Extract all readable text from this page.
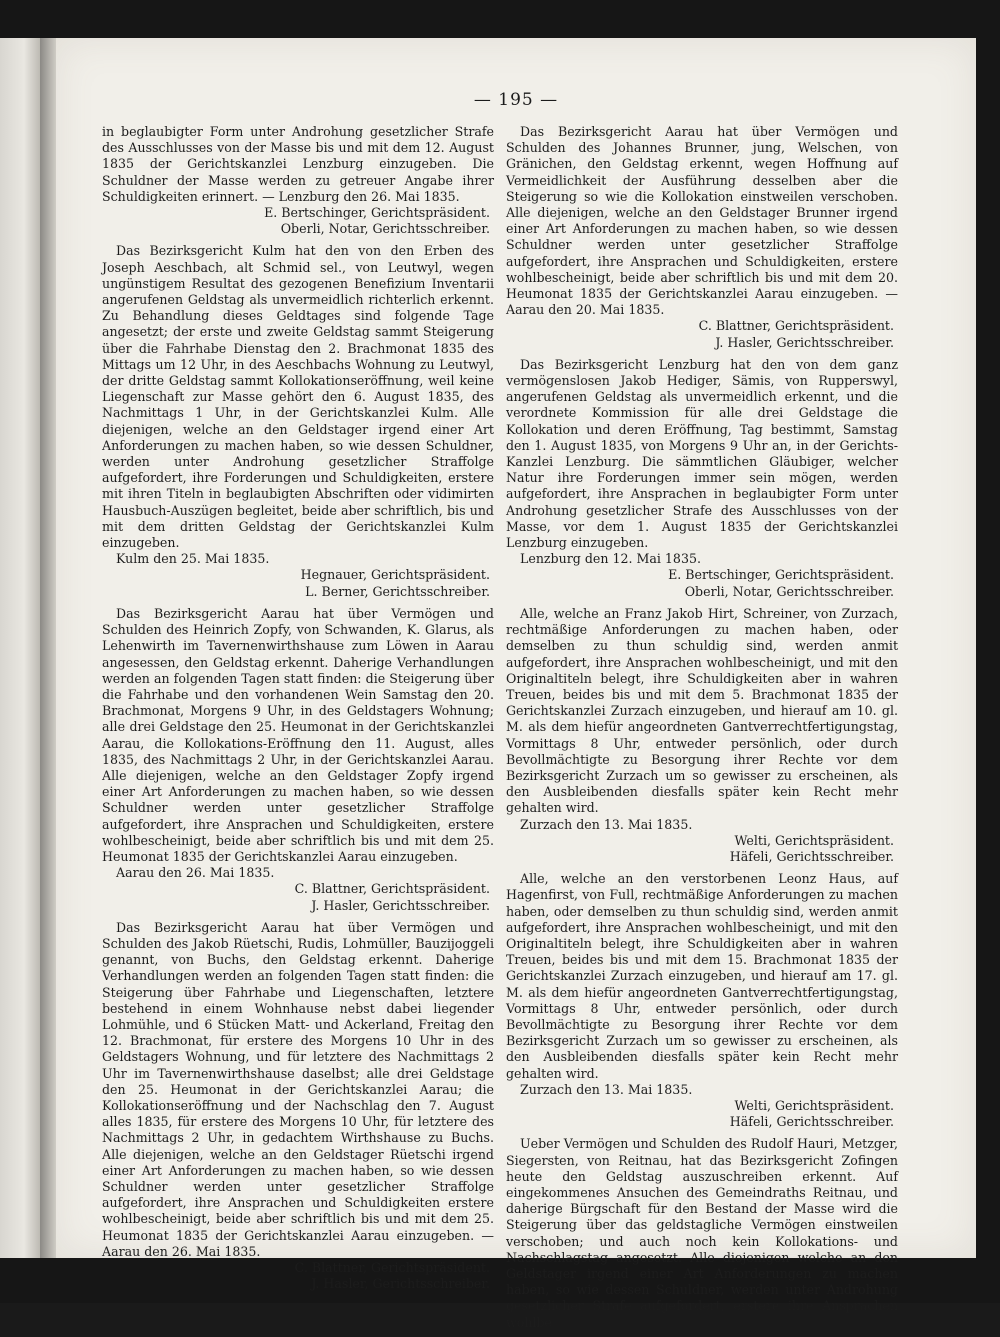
— 195 —

in beglaubigter Form unter Androhung gesetzlicher Strafe des Ausschlusses von der Masse bis und mit dem 12. August 1835 der Gerichtskanzlei Lenzburg einzugeben. Die Schuldner der Masse werden zu getreuer Angabe ihrer Schuldigkeiten erinnert. — Lenzburg den 26. Mai 1835.

E. Bertschinger, Gerichtspräsident.

Oberli, Notar, Gerichtsschreiber.

Das Bezirksgericht Kulm hat den von den Erben des Joseph Aeschbach, alt Schmid sel., von Leutwyl, wegen ungünstigem Resultat des gezogenen Benefizium Inventarii angerufenen Geldstag als unvermeidlich richterlich erkennt. Zu Behandlung dieses Geldtages sind folgende Tage angesetzt; der erste und zweite Geldstag sammt Steigerung über die Fahrhabe Dienstag den 2. Brachmonat 1835 des Mittags um 12 Uhr, in des Aeschbachs Wohnung zu Leutwyl, der dritte Geldstag sammt Kollokationseröffnung, weil keine Liegenschaft zur Masse gehört den 6. August 1835, des Nachmittags 1 Uhr, in der Gerichtskanzlei Kulm. Alle diejenigen, welche an den Geldstager irgend einer Art Anforderungen zu machen haben, so wie dessen Schuldner, werden unter Androhung gesetzlicher Straffolge aufgefordert, ihre Forderungen und Schuldigkeiten, erstere mit ihren Titeln in beglaubigten Abschriften oder vidimirten Hausbuch-Auszügen begleitet, beide aber schriftlich, bis und mit dem dritten Geldstag der Gerichtskanzlei Kulm einzugeben.

Kulm den 25. Mai 1835.

Hegnauer, Gerichtspräsident.

L. Berner, Gerichtsschreiber.

Das Bezirksgericht Aarau hat über Vermögen und Schulden des Heinrich Zopfy, von Schwanden, K. Glarus, als Lehenwirth im Tavernenwirthshause zum Löwen in Aarau angesessen, den Geldstag erkennt. Daherige Verhandlungen werden an folgenden Tagen statt finden: die Steigerung über die Fahrhabe und den vorhandenen Wein Samstag den 20. Brachmonat, Morgens 9 Uhr, in des Geldstagers Wohnung; alle drei Geldstage den 25. Heumonat in der Gerichtskanzlei Aarau, die Kollokations-Eröffnung den 11. August, alles 1835, des Nachmittags 2 Uhr, in der Gerichtskanzlei Aarau. Alle diejenigen, welche an den Geldstager Zopfy irgend einer Art Anforderungen zu machen haben, so wie dessen Schuldner werden unter gesetzlicher Straffolge aufgefordert, ihre Ansprachen und Schuldigkeiten, erstere wohlbescheinigt, beide aber schriftlich bis und mit dem 25. Heumonat 1835 der Gerichtskanzlei Aarau einzugeben.

Aarau den 26. Mai 1835.

C. Blattner, Gerichtspräsident.

J. Hasler, Gerichtsschreiber.

Das Bezirksgericht Aarau hat über Vermögen und Schulden des Jakob Rüetschi, Rudis, Lohmüller, Bauzijoggeli genannt, von Buchs, den Geldstag erkennt. Daherige Verhandlungen werden an folgenden Tagen statt finden: die Steigerung über Fahrhabe und Liegenschaften, letztere bestehend in einem Wohnhause nebst dabei liegender Lohmühle, und 6 Stücken Matt- und Ackerland, Freitag den 12. Brachmonat, für erstere des Morgens 10 Uhr in des Geldstagers Wohnung, und für letztere des Nachmittags 2 Uhr im Tavernenwirthshause daselbst; alle drei Geldstage den 25. Heumonat in der Gerichtskanzlei Aarau; die Kollokationseröffnung und der Nachschlag den 7. August alles 1835, für erstere des Morgens 10 Uhr, für letztere des Nachmittags 2 Uhr, in gedachtem Wirthshause zu Buchs. Alle diejenigen, welche an den Geldstager Rüetschi irgend einer Art Anforderungen zu machen haben, so wie dessen Schuldner werden unter gesetzlicher Straffolge aufgefordert, ihre Ansprachen und Schuldigkeiten erstere wohlbescheinigt, beide aber schriftlich bis und mit dem 25. Heumonat 1835 der Gerichtskanzlei Aarau einzugeben. — Aarau den 26. Mai 1835.

C. Blattner, Gerichtspräsident.

J. Hasler, Gerichtsschreiber.

Das Bezirksgericht Aarau hat über Vermögen und Schulden des Johannes Brunner, jung, Welschen, von Gränichen, den Geldstag erkennt, wegen Hoffnung auf Vermeidlichkeit der Ausführung desselben aber die Steigerung so wie die Kollokation einstweilen verschoben. Alle diejenigen, welche an den Geldstager Brunner irgend einer Art Anforderungen zu machen haben, so wie dessen Schuldner werden unter gesetzlicher Straffolge aufgefordert, ihre Ansprachen und Schuldigkeiten, erstere wohlbescheinigt, beide aber schriftlich bis und mit dem 20. Heumonat 1835 der Gerichtskanzlei Aarau einzugeben. — Aarau den 20. Mai 1835.

C. Blattner, Gerichtspräsident.

J. Hasler, Gerichtsschreiber.

Das Bezirksgericht Lenzburg hat den von dem ganz vermögenslosen Jakob Hediger, Sämis, von Rupperswyl, angerufenen Geldstag als unvermeidlich erkennt, und die verordnete Kommission für alle drei Geldstage die Kollokation und deren Eröffnung, Tag bestimmt, Samstag den 1. August 1835, von Morgens 9 Uhr an, in der Gerichts-Kanzlei Lenzburg. Die sämmtlichen Gläubiger, welcher Natur ihre Forderungen immer sein mögen, werden aufgefordert, ihre Ansprachen in beglaubigter Form unter Androhung gesetzlicher Strafe des Ausschlusses von der Masse, vor dem 1. August 1835 der Gerichtskanzlei Lenzburg einzugeben.

Lenzburg den 12. Mai 1835.

E. Bertschinger, Gerichtspräsident.

Oberli, Notar, Gerichtsschreiber.

Alle, welche an Franz Jakob Hirt, Schreiner, von Zurzach, rechtmäßige Anforderungen zu machen haben, oder demselben zu thun schuldig sind, werden anmit aufgefordert, ihre Ansprachen wohlbescheinigt, und mit den Originaltiteln belegt, ihre Schuldigkeiten aber in wahren Treuen, beides bis und mit dem 5. Brachmonat 1835 der Gerichtskanzlei Zurzach einzugeben, und hierauf am 10. gl. M. als dem hiefür angeordneten Gantverrechtfertigungstag, Vormittags 8 Uhr, entweder persönlich, oder durch Bevollmächtigte zu Besorgung ihrer Rechte vor dem Bezirksgericht Zurzach um so gewisser zu erscheinen, als den Ausbleibenden diesfalls später kein Recht mehr gehalten wird.

Zurzach den 13. Mai 1835.

Welti, Gerichtspräsident.

Häfeli, Gerichtsschreiber.

Alle, welche an den verstorbenen Leonz Haus, auf Hagenfirst, von Full, rechtmäßige Anforderungen zu machen haben, oder demselben zu thun schuldig sind, werden anmit aufgefordert, ihre Ansprachen wohlbescheinigt, und mit den Originaltiteln belegt, ihre Schuldigkeiten aber in wahren Treuen, beides bis und mit dem 15. Brachmonat 1835 der Gerichtskanzlei Zurzach einzugeben, und hierauf am 17. gl. M. als dem hiefür angeordneten Gantverrechtfertigungstag, Vormittags 8 Uhr, entweder persönlich, oder durch Bevollmächtigte zu Besorgung ihrer Rechte vor dem Bezirksgericht Zurzach um so gewisser zu erscheinen, als den Ausbleibenden diesfalls später kein Recht mehr gehalten wird.

Zurzach den 13. Mai 1835.

Welti, Gerichtspräsident.

Häfeli, Gerichtsschreiber.

Ueber Vermögen und Schulden des Rudolf Hauri, Metzger, Siegersten, von Reitnau, hat das Bezirksgericht Zofingen heute den Geldstag auszuschreiben erkennt. Auf eingekommenes Ansuchen des Gemeindraths Reitnau, und daherige Bürgschaft für den Bestand der Masse wird die Steigerung über das geldstagliche Vermögen einstweilen verschoben; und auch noch kein Kollokations- und Nachschlagstag angesetzt. Alle diejenigen welche an den Geldstager irgend einer Art Anforderungen zu machen haben, so wie dessen Schuldner, werden unter Androhung gesetzlicher Strafe aufgefordert, erstere ihre Ansprachen wohlbe
